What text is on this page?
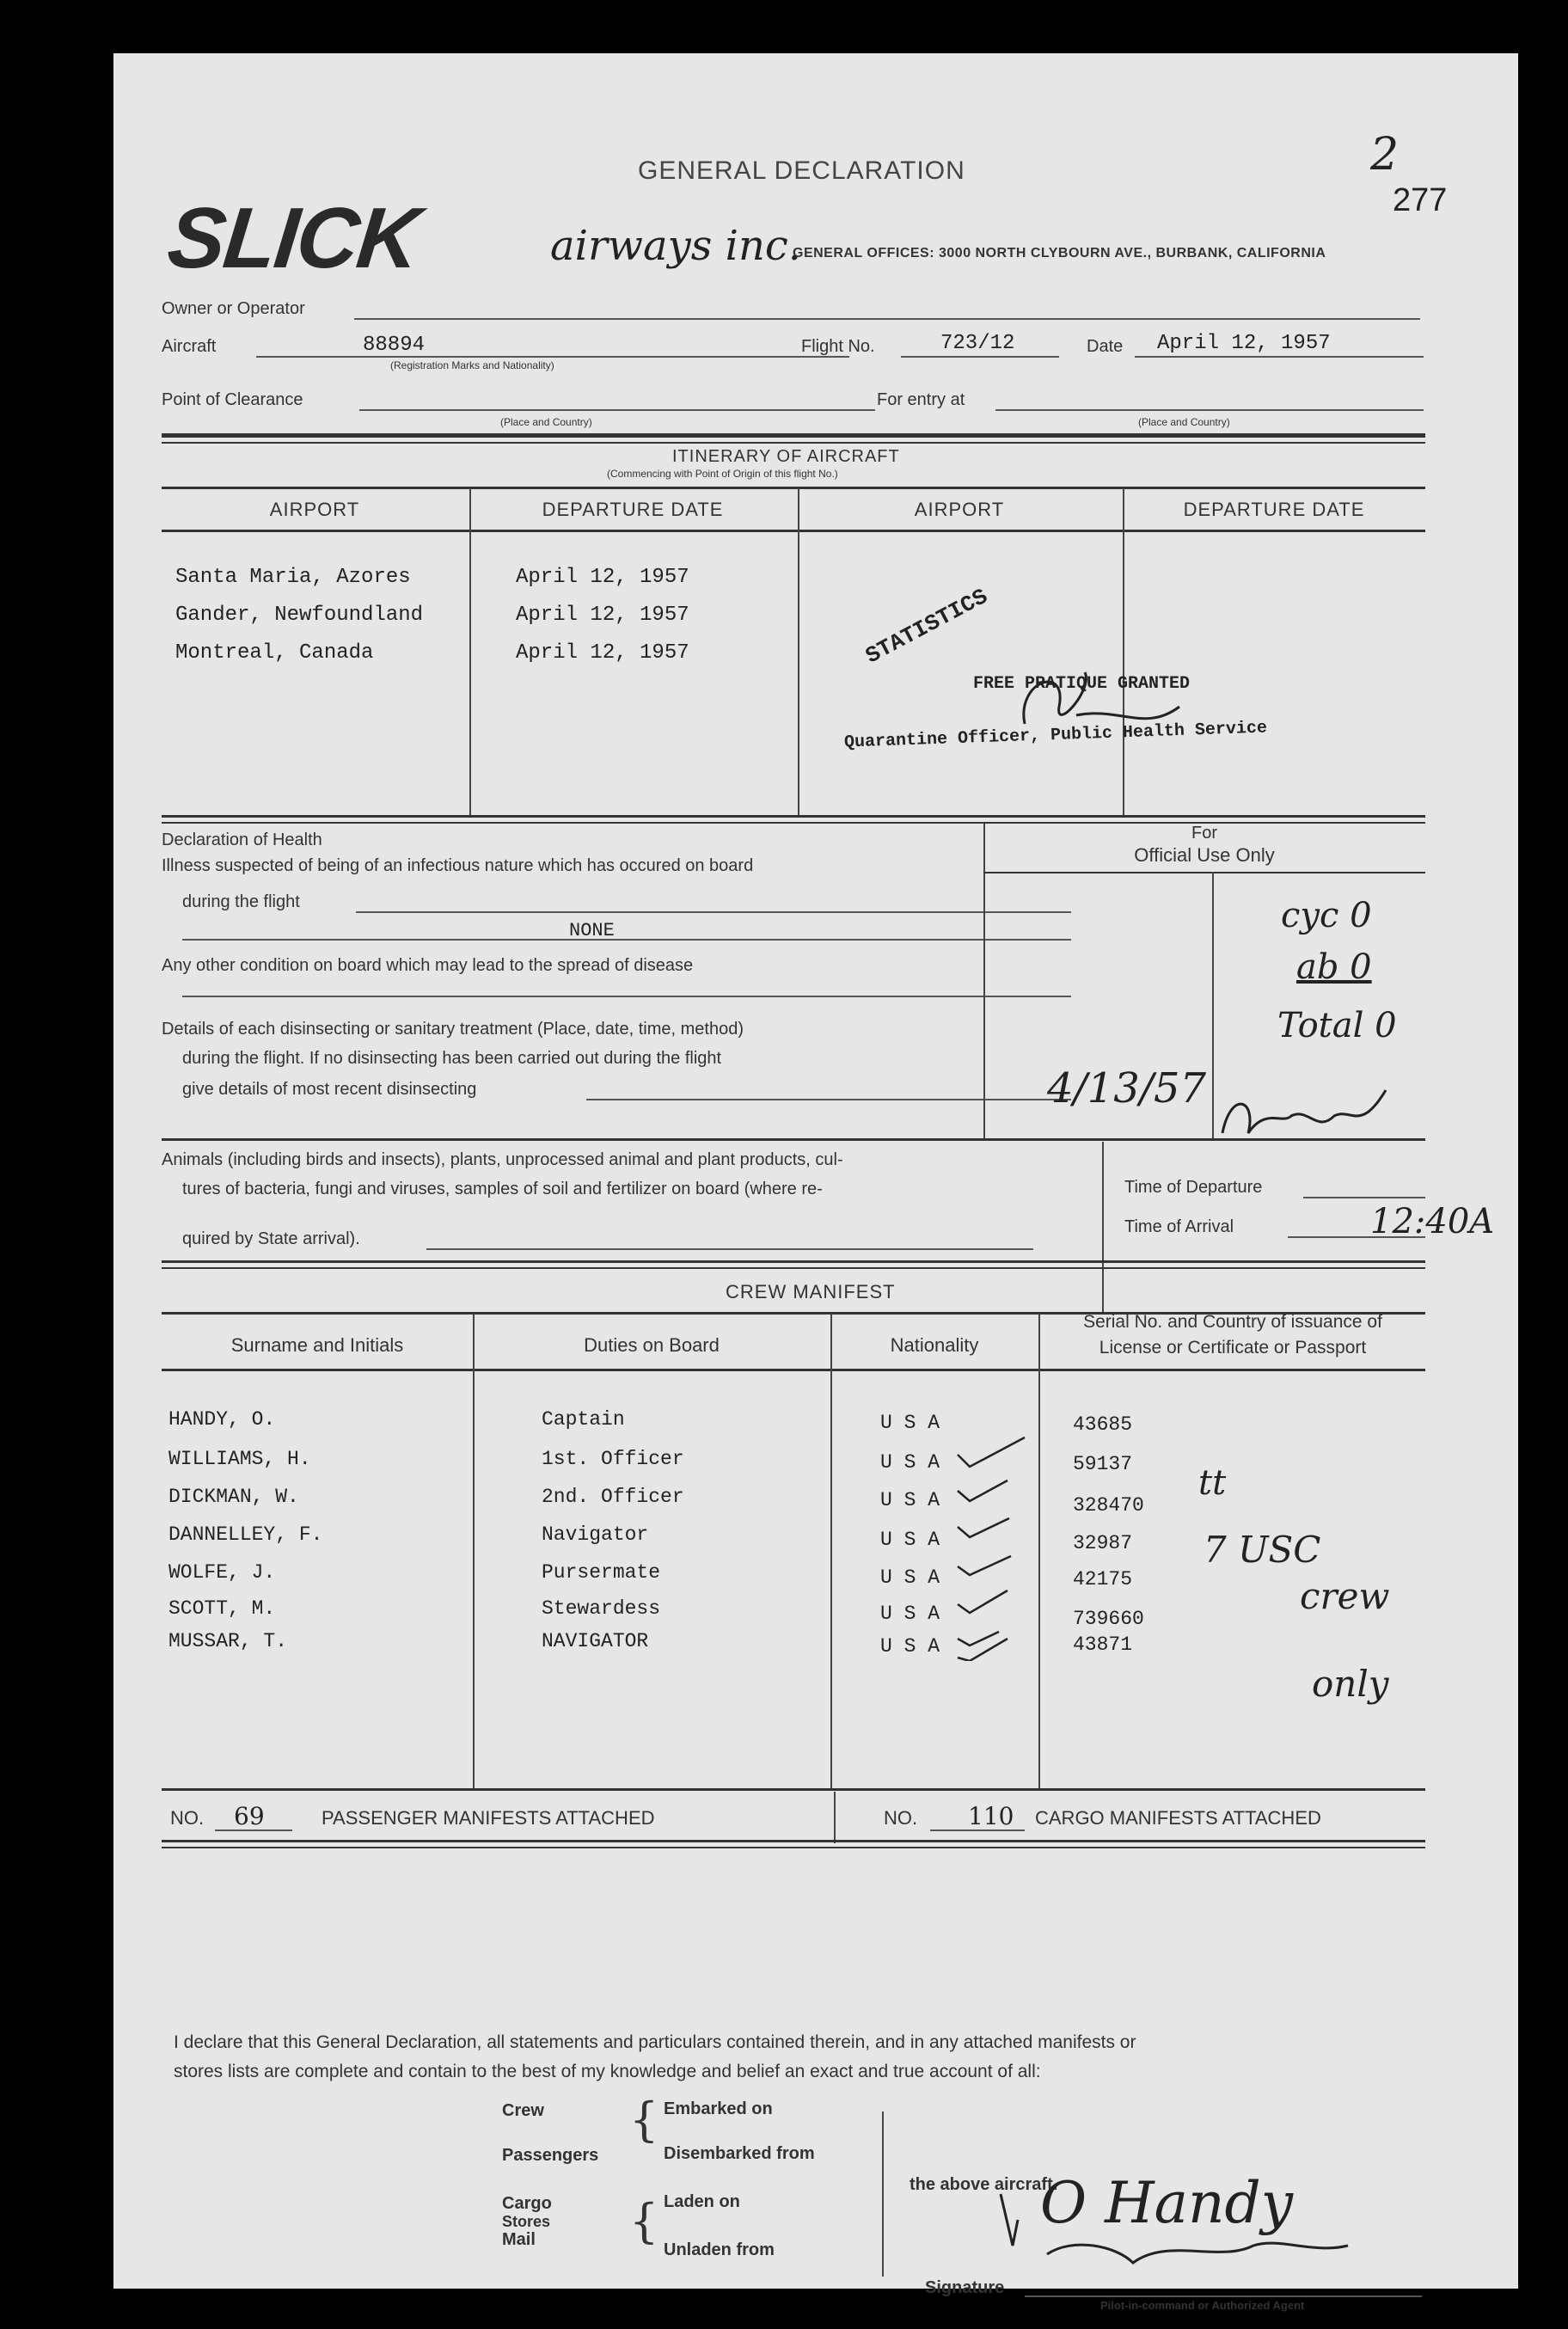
2
277
GENERAL DECLARATION
SLICK	airways inc.
GENERAL OFFICES: 3000 NORTH CLYBOURN AVE., BURBANK, CALIFORNIA
Owner or Operator
Aircraft	88894
(Registration Marks and Nationality)
Flight No.	723/12	Date April 12, 1957
Point of Clearance
(Place and Country)
For entry at
(Place and Country)
ITINERARY OF AIRCRAFT
(Commencing with Point of Origin of this flight No.)
AIRPORT	DEPARTURE DATE	AIRPORT	DEPARTURE DATE
Santa Maria, Azores	April 12, 1957
Gander, Newfoundland	April 12, 1957
Montreal, Canada	April 12, 1957	STATISTICS
FREE PRATIQUE GRANTED
Quarantine Officer, Public Health Service
Declaration of Health
Illness suspected of being of an infectious nature which has occured on board
during the flight
NONE
Any other condition on board which may lead to the spread of disease
Details of each disinsecting or sanitary treatment (Place, date, time, method)
during the flight. If no disinsecting has been carried out during the flight
give details of most recent disinsecting
For
Official Use Only
4/13/57
cyc 0
ab 0
Total 0
Animals (including birds and insects), plants, unprocessed animal and plant products, cul-
tures of bacteria, fungi and viruses, samples of soil and fertilizer on board (where re-
quired by State arrival).
Time of Departure
Time of Arrival	12:40A
CREW MANIFEST
Surname and Initials	Duties on Board	Nationality
Serial No. and Country of issuance of
License or Certificate or Passport
HANDY, O.	Captain	U S A	43685
WILLIAMS, H.	1st. Officer	U S A	59137
DICKMAN, W.	2nd. Officer	U S A	328470
DANNELLEY, F.	Navigator	U S A	32987
WOLFE, J.	Pursermate	U S A	42175
SCOTT, M.	Stewardess	U S A	739660
MUSSAR, T.	NAVIGATOR	U S A	43871
tt
7 USC
crew
only
NO. 69	PASSENGER MANIFESTS ATTACHED	NO. 110 CARGO MANIFESTS ATTACHED
I declare that this General Declaration, all statements and particulars contained therein, and in any attached manifests or
stores lists are complete and contain to the best of my knowledge and belief an exact and true account of all:
Crew
Passengers
Cargo
Stores
Mail
{
{
Embarked on
Disembarked from
Laden on
Unladen from
the above aircraft.
O Handy
Signature
Pilot-in-command or Authorized Agent
